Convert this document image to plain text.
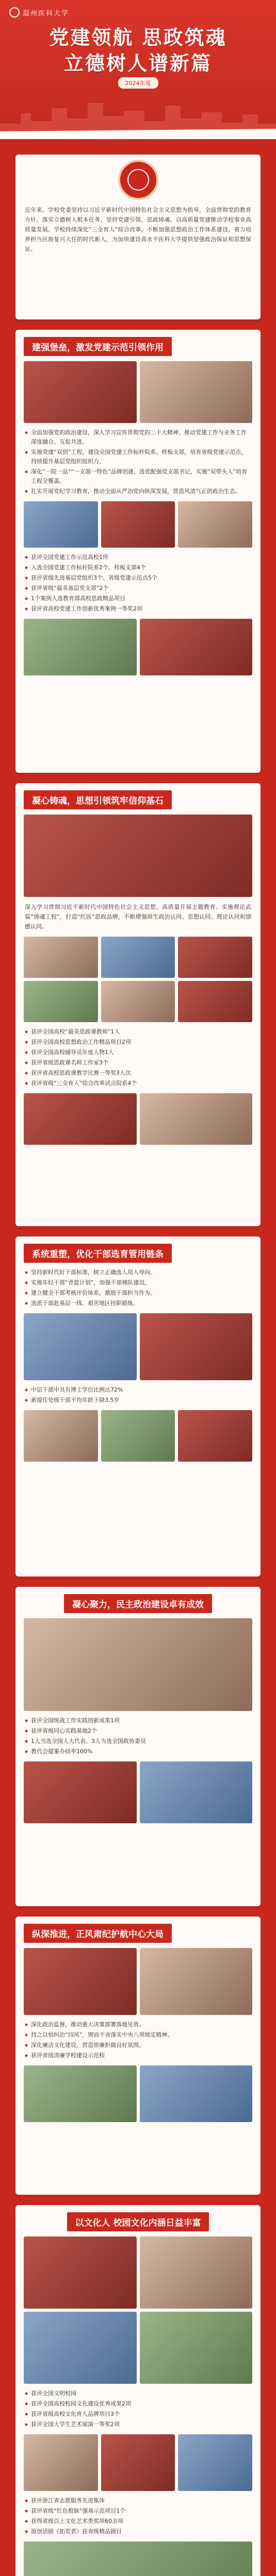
温州医科大学
党建领航 思政筑魂
立德树人谱新篇
2024年度

近年来，学校党委坚持以习近平新时代中国特色社会主义思想为指导，全面贯彻党的教育方针，落实立德树人根本任务，坚持党建引领、思政铸魂，以高质量党建推动学校事业高质量发展。学校持续深化“三全育人”综合改革，不断加强思想政治工作体系建设，着力培养担当民族复兴大任的时代新人，为加快建设高水平医科大学提供坚强政治保证和思想保证。

建强堡垒，激发党建示范引领作用
◆ 全面加强党的政治建设，深入学习宣传贯彻党的二十大精神，推动党建工作与业务工作深度融合、互促共进。
◆ 实施党建“双创”工程，建设全国党建工作标杆院系、样板支部，培育省级党建示范点，持续提升基层党组织组织力。
◆ 深化“一院一品”“一支部一特色”品牌创建，选优配强党支部书记，实施“双带头人”培育工程全覆盖。
◆ 扎实开展党纪学习教育，推动全面从严治党向纵深发展，营造风清气正的政治生态。
◆ 获评全国党建工作示范高校1所
◆ 入选全国党建工作标杆院系2个、样板支部4个
◆ 获评省级先进基层党组织3个、省级党建示范点5个
◆ 获评省级“最美基层党支部”2个
◆ 1个案例入选教育部高校思政精品项目
◆ 获评省高校党建工作创新优秀案例一等奖2项
凝心铸魂，思想引领筑牢信仰基石

深入学习贯彻习近平新时代中国特色社会主义思想，高质量开展主题教育。实施理论武装“铸魂工程”，打造“红医”思政品牌，不断增强师生政治认同、思想认同、理论认同和情感认同。

◆ 获评全国高校“最美思政课教师”1人
◆ 获评全国高校思想政治工作精品项目2项
◆ 获评全国高校辅导员年度人物1人
◆ 获评省级思政课名师工作室3个
◆ 获评省高校思政课教学比赛一等奖3人次
◆ 获评省级“三全育人”综合改革试点院系4个
系统重塑，优化干部选育管用链条
◆ 坚持新时代好干部标准，树立正确选人用人导向。
◆ 实施年轻干部“青蓝计划”，加强干部梯队建设。
◆ 建立健全干部考核评价体系，激励干部担当作为。
◆ 选派干部赴基层一线、艰苦地区挂职锻炼。
◆ 中层干部中具有博士学位比例达72%
◆ 新提任处级干部平均年龄下降3.5岁
凝心聚力，民主政治建设卓有成效
◆ 获评全国统战工作实践创新成果1项
◆ 获评省级同心实践基地2个
◆ 1人当选全国人大代表、3人当选全国政协委员
◆ 教代会提案办结率100%
纵深推进，正风肃纪护航中心大局
◆ 深化政治监督，推动重大决策部署落地见效。
◆ 持之以恒纠治“四风”，锲而不舍落实中央八项规定精神。
◆ 深化廉洁文化建设，营造崇廉拒腐良好氛围。
◆ 获评省级清廉学校建设示范校
以文化人 校园文化内涵日益丰富
◆ 获评全国文明校园
◆ 获评全国高校校园文化建设优秀成果2项
◆ 获评省级高校文化育人品牌项目3个
◆ 获评全国大学生艺术展演一等奖2项
◆ 获评浙江省志愿服务先进集体
◆ 获评省级“红色根脉”强基示范项目1个
◆ 获得省级以上文化艺术类奖项60余项
◆ 原创话剧《拓荒者》获省级精品剧目
